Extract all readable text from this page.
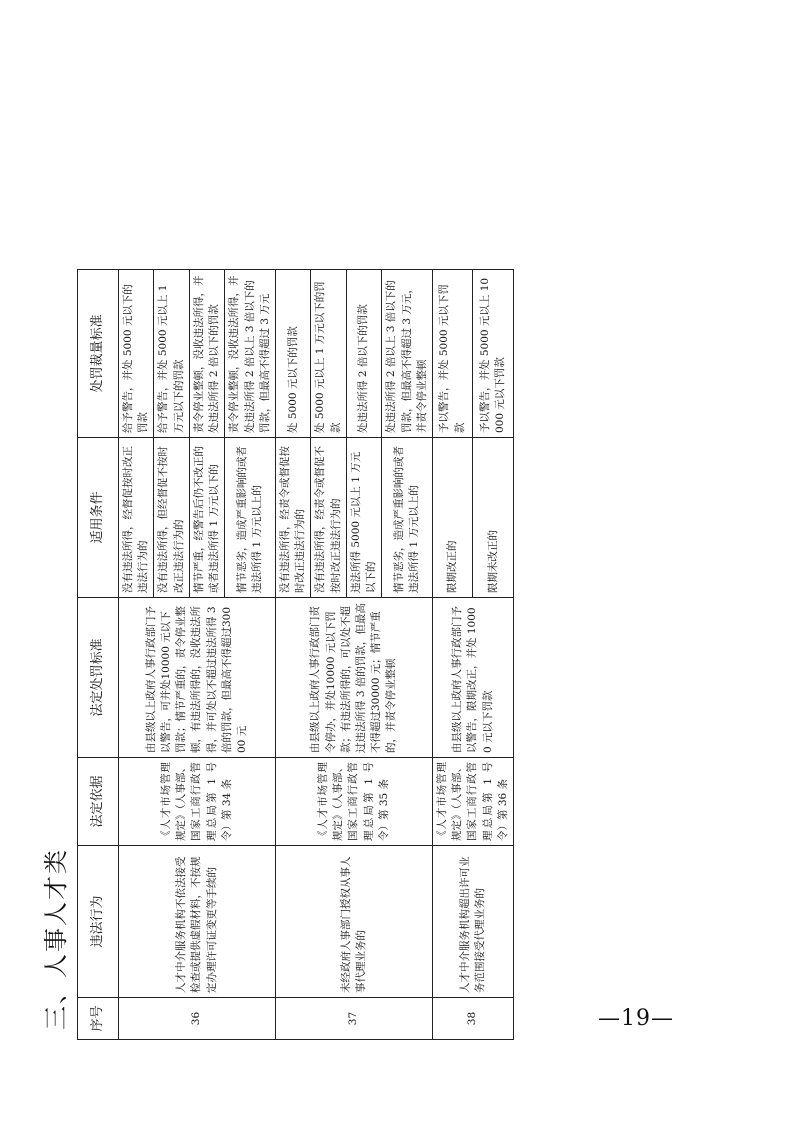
三、人事人才类	序号	违法行为	法定依据	法定处罚标准	适用条件	处罚裁量标准
36	人才中介服务机构不依法接受检查或提供虚假材料，不按规定办理许可证变更等手续的	《人才市场管理规定》（人事部、国家工商行政管理总局第 1 号令）第 34 条	由县级以上政府人事行政部门予以警告，可并处10000 元以下罚款；情节严重的，责令停业整顿，有违法所得的，没收违法所得，并可处以不超过违法所得 3 倍的罚款，但最高不得超过30000 元	没有违法所得，经督促按时改正违法行为的	给予警告，并处 5000 元以下的罚款
				没有违法所得，但经督促不按时改正违法行为的	给予警告，并处 5000 元以上 1 万元以下的罚款
				情节严重，经警告后仍不改正的或者违法所得 1 万元以下的	责令停业整顿，没收违法所得，并处违法所得 2 倍以下的罚款
				情节恶劣，造成严重影响的或者违法所得 1 万元以上的	责令停业整顿，没收违法所得，并处违法所得 2 倍以上 3 倍以下的罚款，但最高不得超过 3 万元
37	未经政府人事部门授权从事人事代理业务的	《人才市场管理规定》（人事部、国家工商行政管理总局第 1 号令）第 35 条	由县级以上政府人事行政部门责令停办，并处10000 元以下罚款；有违法所得的，可以处不超过违法所得 3 倍的罚款，但最高不得超过30000 元；情节严重的，并责令停业整顿	没有违法所得，经责令或督促按时改正违法行为的	处 5000 元以下的罚款
				没有违法所得，经责令或督促不按时改正违法行为的	处 5000 元以上 1 万元以下的罚款
				违法所得 5000 元以上 1 万元以下的	处违法所得 2 倍以下的罚款
				情节恶劣，造成严重影响的或者违法所得 1 万元以上的	处违法所得 2 倍以上 3 倍以下的罚款，但最高不得超过 3 万元，并责令停业整顿
38	人才中介服务机构超出许可业务范围接受代理业务的	《人才市场管理规定》（人事部、国家工商行政管理总局第 1 号令）第 36 条	由县级以上政府人事行政部门予以警告，限期改正，并处 10000 元以下罚款	限期改正的	予以警告，并处 5000 元以下罚款
				限期未改正的	予以警告，并处 5000 元以上 10000 元以下罚款
—19—
